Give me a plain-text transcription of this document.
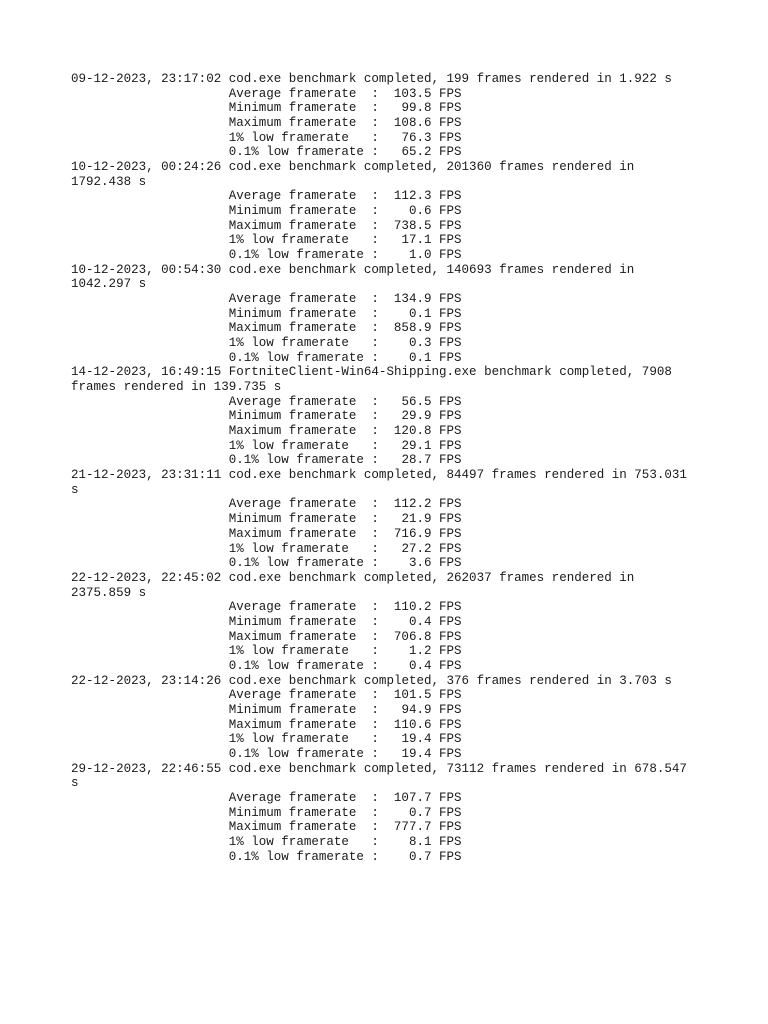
09-12-2023, 23:17:02 cod.exe benchmark completed, 199 frames rendered in 1.922 s
Average framerate : 103.5 FPS
Minimum framerate : 99.8 FPS
Maximum framerate : 108.6 FPS
1% low framerate : 76.3 FPS
0.1% low framerate : 65.2 FPS
10-12-2023, 00:24:26 cod.exe benchmark completed, 201360 frames rendered in
1792.438 s
Average framerate : 112.3 FPS
Minimum framerate : 0.6 FPS
Maximum framerate : 738.5 FPS
1% low framerate : 17.1 FPS
0.1% low framerate : 1.0 FPS
10-12-2023, 00:54:30 cod.exe benchmark completed, 140693 frames rendered in
1042.297 s
Average framerate : 134.9 FPS
Minimum framerate : 0.1 FPS
Maximum framerate : 858.9 FPS
1% low framerate : 0.3 FPS
0.1% low framerate : 0.1 FPS
14-12-2023, 16:49:15 FortniteClient-Win64-Shipping.exe benchmark completed, 7908
frames rendered in 139.735 s
Average framerate : 56.5 FPS
Minimum framerate : 29.9 FPS
Maximum framerate : 120.8 FPS
1% low framerate : 29.1 FPS
0.1% low framerate : 28.7 FPS
21-12-2023, 23:31:11 cod.exe benchmark completed, 84497 frames rendered in 753.031
s
Average framerate : 112.2 FPS
Minimum framerate : 21.9 FPS
Maximum framerate : 716.9 FPS
1% low framerate : 27.2 FPS
0.1% low framerate : 3.6 FPS
22-12-2023, 22:45:02 cod.exe benchmark completed, 262037 frames rendered in
2375.859 s
Average framerate : 110.2 FPS
Minimum framerate : 0.4 FPS
Maximum framerate : 706.8 FPS
1% low framerate : 1.2 FPS
0.1% low framerate : 0.4 FPS
22-12-2023, 23:14:26 cod.exe benchmark completed, 376 frames rendered in 3.703 s
Average framerate : 101.5 FPS
Minimum framerate : 94.9 FPS
Maximum framerate : 110.6 FPS
1% low framerate : 19.4 FPS
0.1% low framerate : 19.4 FPS
29-12-2023, 22:46:55 cod.exe benchmark completed, 73112 frames rendered in 678.547
s
Average framerate : 107.7 FPS
Minimum framerate : 0.7 FPS
Maximum framerate : 777.7 FPS
1% low framerate : 8.1 FPS
0.1% low framerate : 0.7 FPS
